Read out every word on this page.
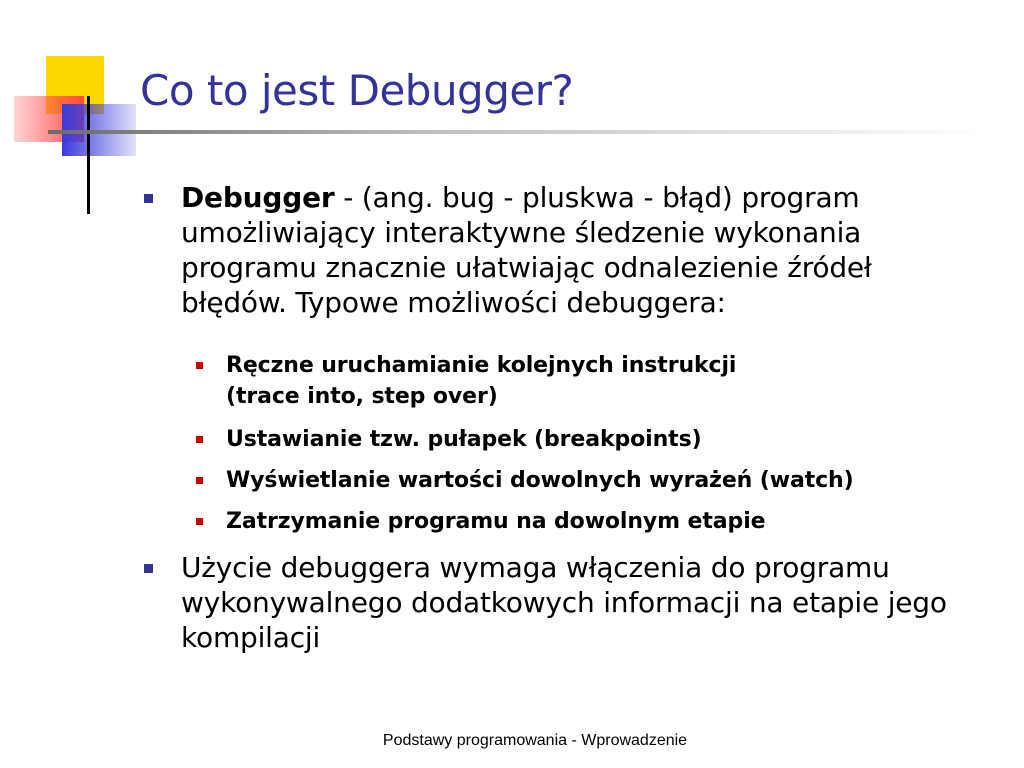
Co to jest Debugger?
Debugger - (ang. bug - pluskwa - błąd) program umożliwiający interaktywne śledzenie wykonania programu znacznie ułatwiając odnalezienie źródeł błędów. Typowe możliwości debuggera:
Ręczne uruchamianie kolejnych instrukcji
(trace into, step over)
Ustawianie tzw. pułapek (breakpoints)
Wyświetlanie wartości dowolnych wyrażeń (watch)
Zatrzymanie programu na dowolnym etapie
Użycie debuggera wymaga włączenia do programu wykonywalnego dodatkowych informacji na etapie jego kompilacji
Podstawy programowania - Wprowadzenie
